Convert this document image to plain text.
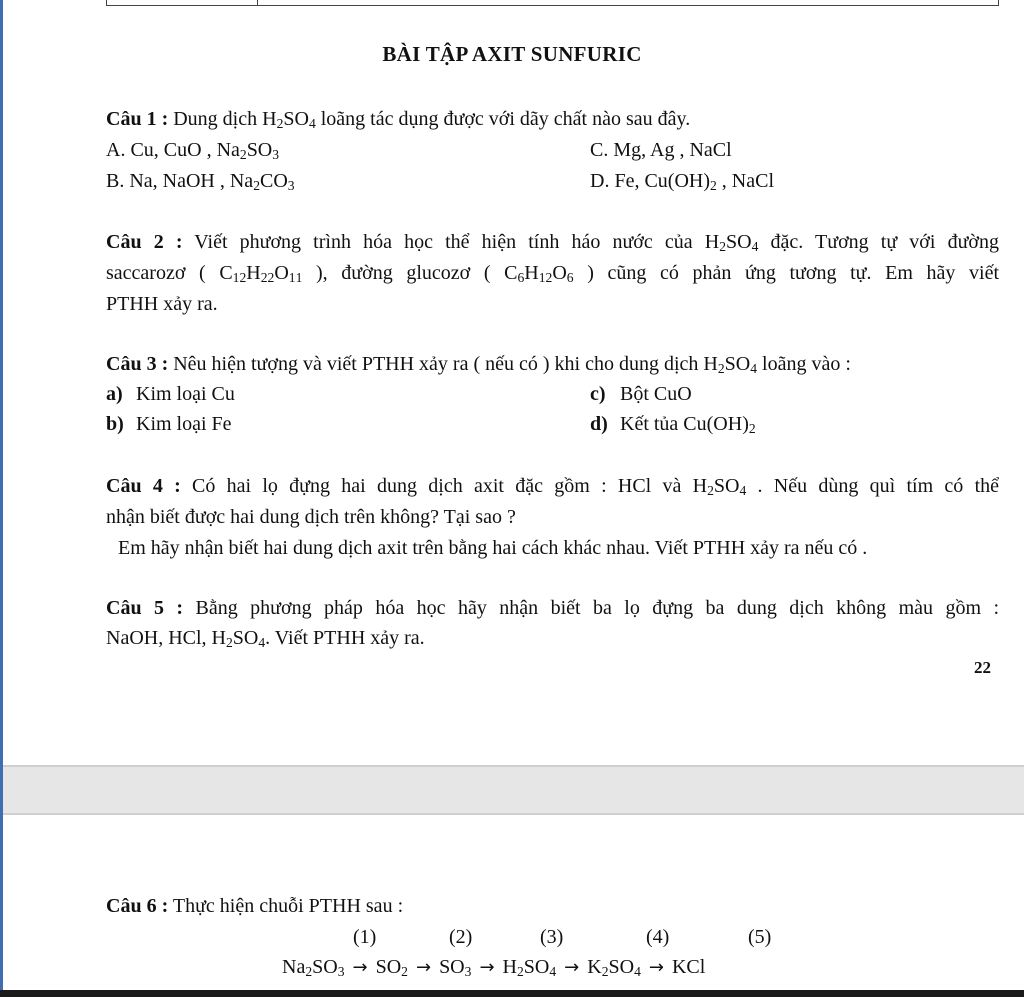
BÀI TẬP AXIT SUNFURIC
Câu 1 : Dung dịch $H_2SO_4$ loãng tác dụng được với dãy chất nào sau đây.
A. Cu, CuO , $Na_2SO_3$	C. Mg, Ag , NaCl
B. Na, NaOH , $Na_2CO_3$	D. Fe, $Cu(OH)_2$ , NaCl
Câu 2 : Viết phương trình hóa học thể hiện tính háo nước của $H_2SO_4$ đặc. Tương tự với đường
saccarozơ ( $C_{12}H_{22}O_{11}$ ), đường glucozơ ( $C_6H_{12}O_6$ ) cũng có phản ứng tương tự. Em hãy viết
PTHH xảy ra.
Câu 3 : Nêu hiện tượng và viết PTHH xảy ra ( nếu có ) khi cho dung dịch $H_2SO_4$ loãng vào :
a) Kim loại Cu	c) Bột CuO
b) Kim loại Fe	d) Kết tủa $Cu(OH)_2$
Câu 4 : Có hai lọ đựng hai dung dịch axit đặc gồm : HCl và $H_2SO_4$ . Nếu dùng quì tím có thể
nhận biết được hai dung dịch trên không? Tại sao ?
Em hãy nhận biết hai dung dịch axit trên bằng hai cách khác nhau. Viết PTHH xảy ra nếu có .
Câu 5 : Bằng phương pháp hóa học hãy nhận biết ba lọ đựng ba dung dịch không màu gồm :
NaOH, HCl, $H_2SO_4$. Viết PTHH xảy ra.
22
Câu 6 : Thực hiện chuỗi PTHH sau :
(1)	(2)	(3)	(4)	(5)
$Na_2SO_3 \to SO_2 \to SO_3 \to H_2SO_4 \to K_2SO_4$ → KCl
